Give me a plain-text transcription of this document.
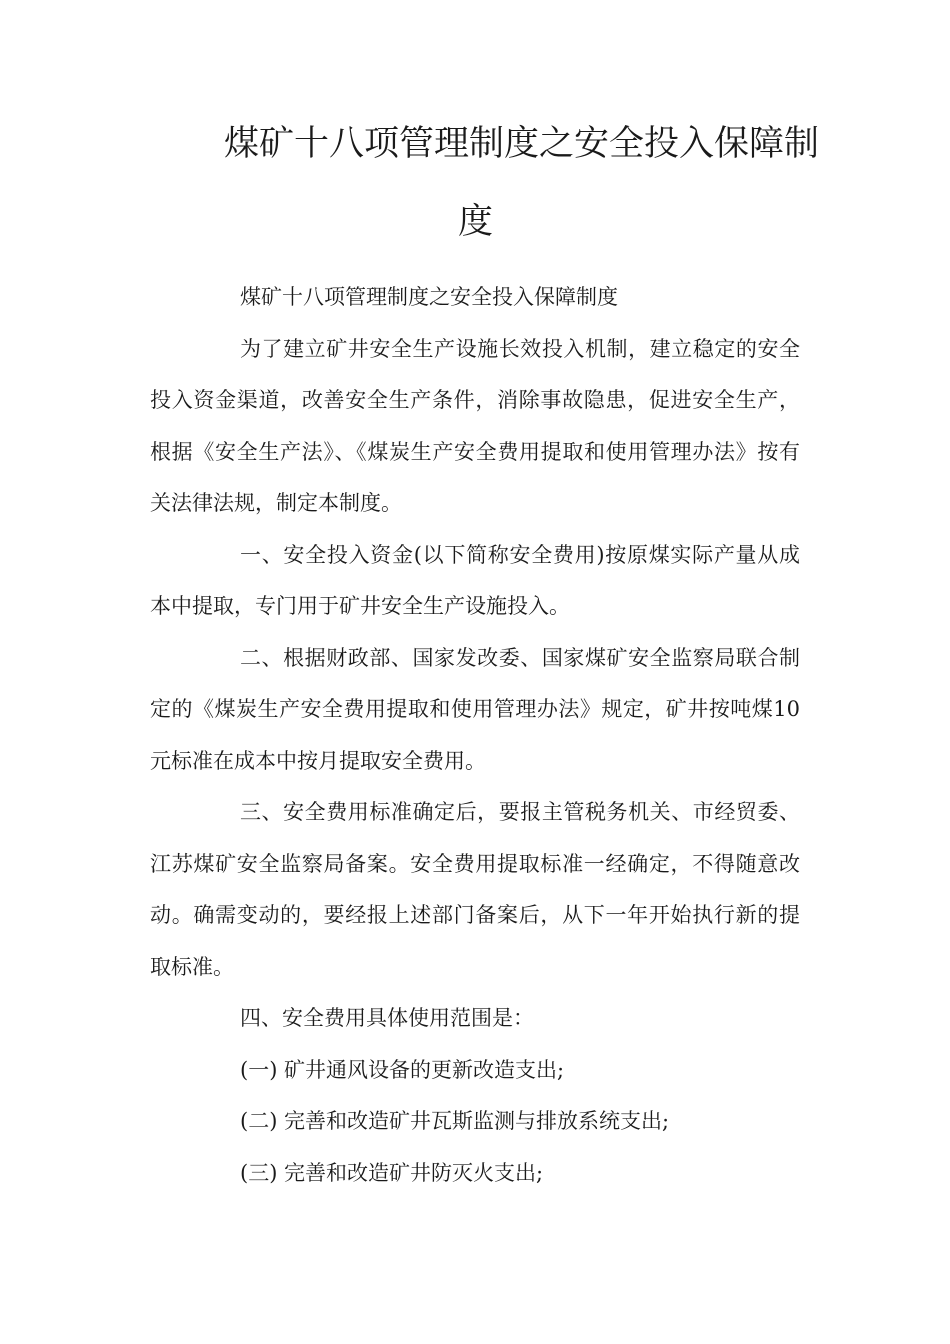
煤矿十八项管理制度之安全投入保障制
度

煤矿十八项管理制度之安全投入保障制度

为了建立矿井安全生产设施长效投入机制，建立稳定的安全投入资金渠道，改善安全生产条件，消除事故隐患，促进安全生产，根据《安全生产法》、《煤炭生产安全费用提取和使用管理办法》按有关法律法规，制定本制度。

一、安全投入资金(以下简称安全费用)按原煤实际产量从成本中提取，专门用于矿井安全生产设施投入。

二、根据财政部、国家发改委、国家煤矿安全监察局联合制定的《煤炭生产安全费用提取和使用管理办法》规定，矿井按吨煤10元标准在成本中按月提取安全费用。

三、安全费用标准确定后，要报主管税务机关、市经贸委、江苏煤矿安全监察局备案。安全费用提取标准一经确定，不得随意改动。确需变动的，要经报上述部门备案后，从下一年开始执行新的提取标准。

四、安全费用具体使用范围是：

(一) 矿井通风设备的更新改造支出;

(二) 完善和改造矿井瓦斯监测与排放系统支出;

(三) 完善和改造矿井防灭火支出;
